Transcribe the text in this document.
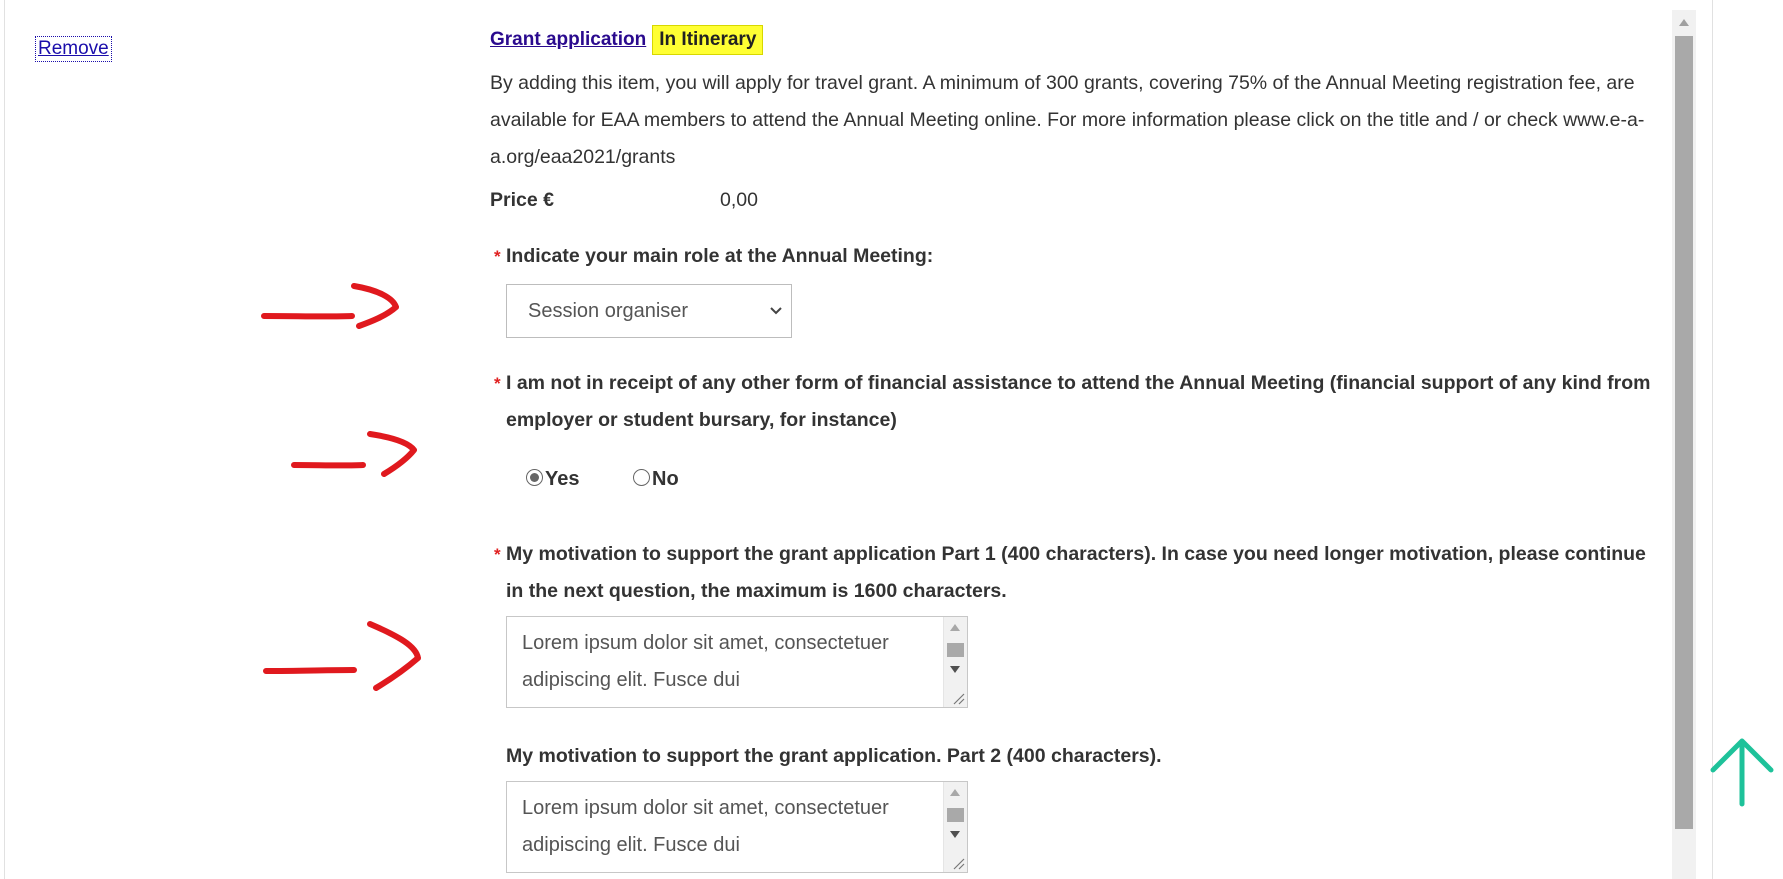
Remove	Grant application In Itinerary
By adding this item, you will apply for travel grant. A minimum of 300 grants, covering 75% of the Annual Meeting registration fee, are available for EAA members to attend the Annual Meeting online. For more information please click on the title and / or check www.e-a-a.org/eaa2021/grants
Price €	0,00
* Indicate your main role at the Annual Meeting:
Session organiser
* I am not in receipt of any other form of financial assistance to attend the Annual Meeting (financial support of any kind from employer or student bursary, for instance)
Yes	No
* My motivation to support the grant application Part 1 (400 characters). In case you need longer motivation, please continue in the next question, the maximum is 1600 characters.
Lorem ipsum dolor sit amet, consectetuer adipiscing elit. Fusce dui
My motivation to support the grant application. Part 2 (400 characters).
Lorem ipsum dolor sit amet, consectetuer adipiscing elit. Fusce dui
